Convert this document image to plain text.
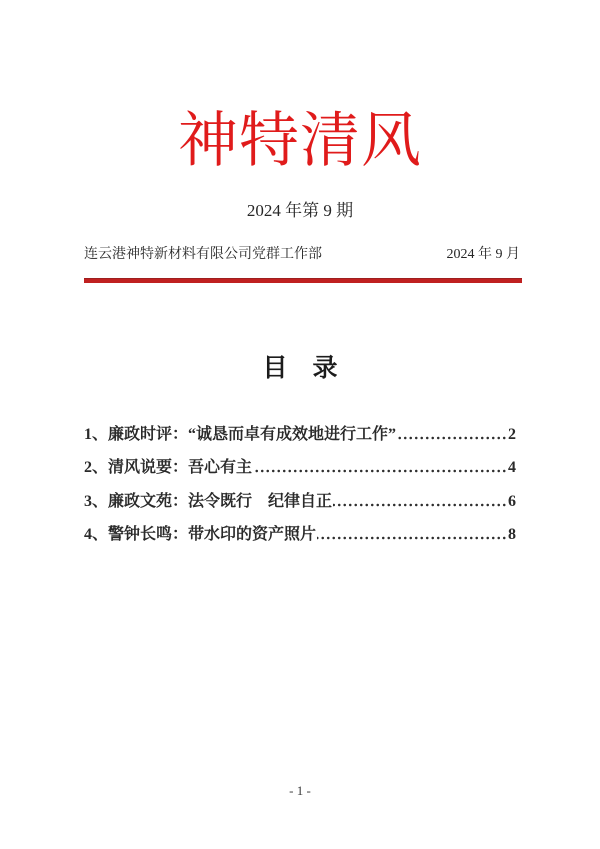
神特清风
2024 年第 9 期
连云港神特新材料有限公司党群工作部	2024 年 9 月
目　录
1、廉政时评：“诚恳而卓有成效地进行工作”	2
2、清风说要：吾心有主	4
3、廉政文苑：法令既行　纪律自正	6
4、警钟长鸣：带水印的资产照片	8
- 1 -
